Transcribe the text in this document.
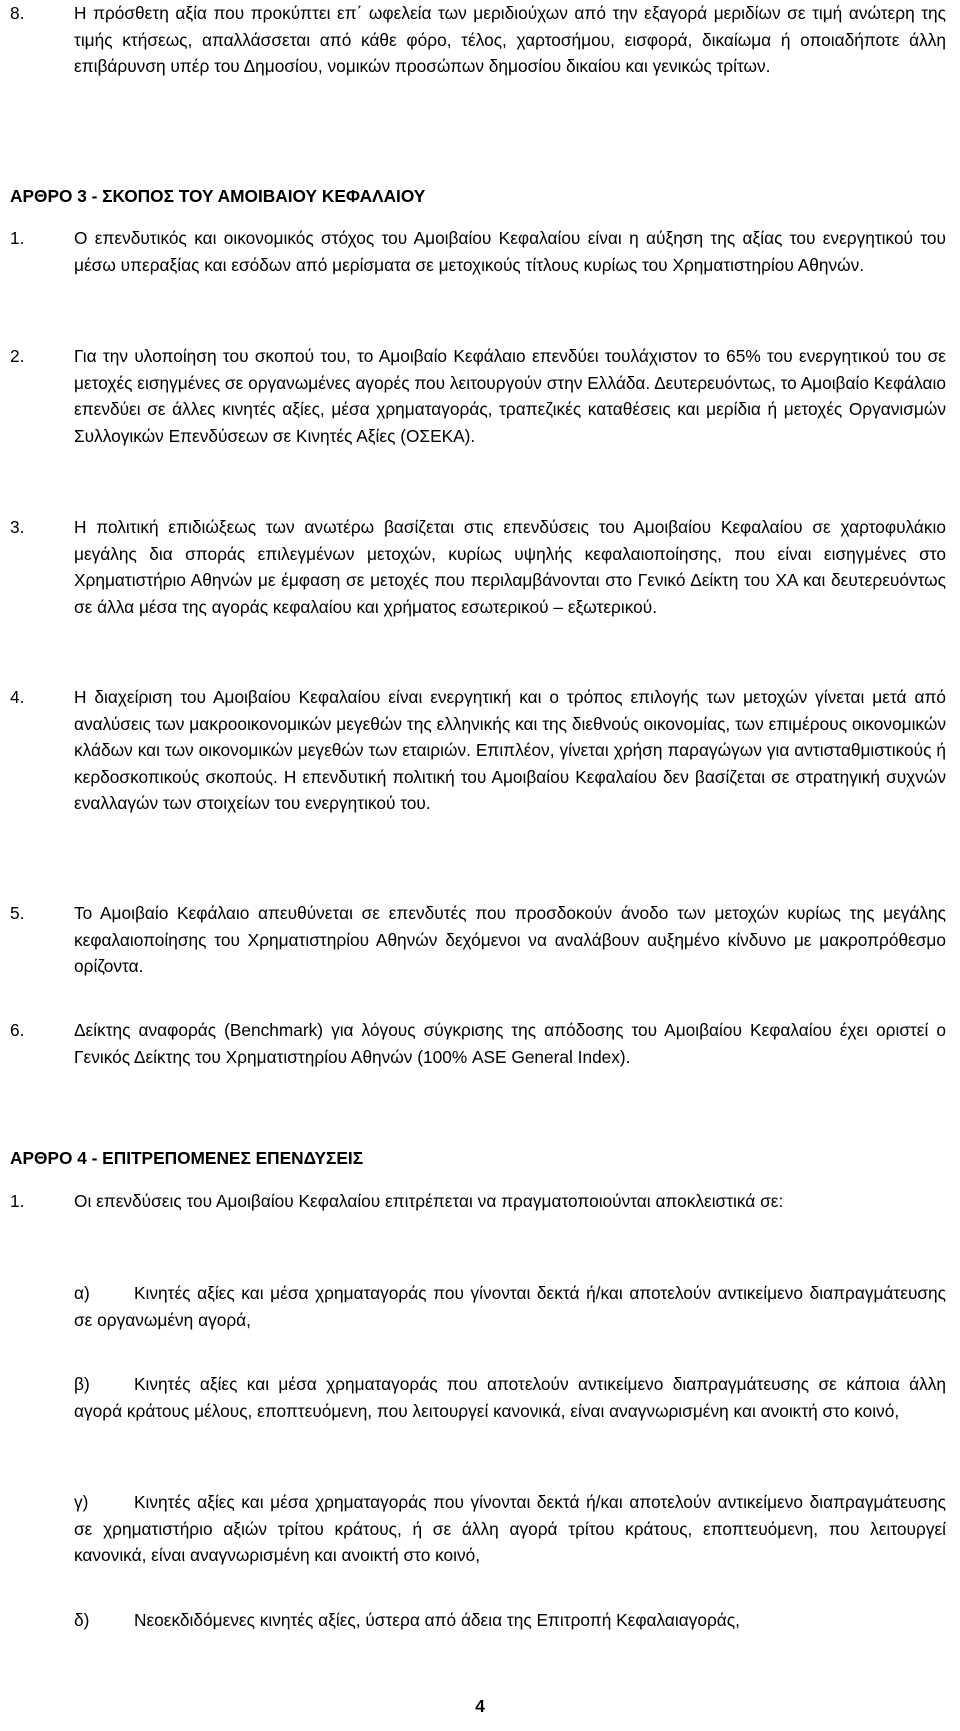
8.	Η πρόσθετη αξία που προκύπτει επ΄ ωφελεία των μεριδιούχων από την εξαγορά μεριδίων σε τιμή ανώτερη της τιμής κτήσεως, απαλλάσσεται από κάθε φόρο, τέλος, χαρτοσήμου, εισφορά, δικαίωμα ή οποιαδήποτε άλλη επιβάρυνση υπέρ του Δημοσίου, νομικών προσώπων δημοσίου δικαίου και γενικώς τρίτων.
ΑΡΘΡΟ 3 - ΣΚΟΠΟΣ ΤΟΥ ΑΜΟΙΒΑΙΟΥ ΚΕΦΑΛΑΙΟΥ
1.	Ο επενδυτικός και οικονομικός στόχος του Αμοιβαίου Κεφαλαίου είναι η αύξηση της αξίας του ενεργητικού του μέσω υπεραξίας και εσόδων από μερίσματα σε μετοχικούς τίτλους κυρίως του Χρηματιστηρίου Αθηνών.
2.	Για την υλοποίηση του σκοπού του, το Αμοιβαίο Κεφάλαιο επενδύει τουλάχιστον το 65% του ενεργητικού του σε μετοχές εισηγμένες σε οργανωμένες αγορές που λειτουργούν στην Ελλάδα. Δευτερευόντως, το Αμοιβαίο Κεφάλαιο επενδύει σε άλλες κινητές αξίες, μέσα χρηματαγοράς, τραπεζικές καταθέσεις και μερίδια ή μετοχές Οργανισμών Συλλογικών Επενδύσεων σε Κινητές Αξίες (ΟΣΕΚΑ).
3.	Η πολιτική επιδιώξεως των ανωτέρω βασίζεται στις επενδύσεις του Αμοιβαίου Κεφαλαίου σε χαρτοφυλάκιο μεγάλης δια σποράς επιλεγμένων μετοχών, κυρίως υψηλής κεφαλαιοποίησης, που είναι εισηγμένες στο Χρηματιστήριο Αθηνών με έμφαση σε μετοχές που περιλαμβάνονται στο Γενικό Δείκτη του ΧΑ και δευτερευόντως σε άλλα μέσα της αγοράς κεφαλαίου και χρήματος εσωτερικού – εξωτερικού.
4.	Η διαχείριση του Αμοιβαίου Κεφαλαίου είναι ενεργητική και ο τρόπος επιλογής των μετοχών γίνεται μετά από αναλύσεις των μακροοικονομικών μεγεθών της ελληνικής και της διεθνούς οικονομίας, των επιμέρους οικονομικών κλάδων και των οικονομικών μεγεθών των εταιριών. Επιπλέον, γίνεται χρήση παραγώγων για αντισταθμιστικούς ή κερδοσκοπικούς σκοπούς. Η επενδυτική πολιτική του Αμοιβαίου Κεφαλαίου δεν βασίζεται σε στρατηγική συχνών εναλλαγών των στοιχείων του ενεργητικού του.
5.	Το Αμοιβαίο Κεφάλαιο απευθύνεται σε επενδυτές που προσδοκούν άνοδο των μετοχών κυρίως της μεγάλης κεφαλαιοποίησης του Χρηματιστηρίου Αθηνών δεχόμενοι να αναλάβουν αυξημένο κίνδυνο με μακροπρόθεσμο ορίζοντα.
6.	Δείκτης αναφοράς (Benchmark) για λόγους σύγκρισης της απόδοσης του Αμοιβαίου Κεφαλαίου έχει οριστεί ο Γενικός Δείκτης του Χρηματιστηρίου Αθηνών (100% ASE General Index).
ΑΡΘΡΟ 4 - ΕΠΙΤΡΕΠΟΜΕΝΕΣ ΕΠΕΝΔΥΣΕΙΣ
1.	Οι επενδύσεις του Αμοιβαίου Κεφαλαίου επιτρέπεται να πραγματοποιούνται αποκλειστικά σε:
α)	Κινητές αξίες και μέσα χρηματαγοράς που γίνονται δεκτά ή/και αποτελούν αντικείμενο διαπραγμάτευσης σε οργανωμένη αγορά,
β)	Κινητές αξίες και μέσα χρηματαγοράς που αποτελούν αντικείμενο διαπραγμάτευσης σε κάποια άλλη αγορά κράτους μέλους, εποπτευόμενη, που λειτουργεί κανονικά, είναι αναγνωρισμένη και ανοικτή στο κοινό,
γ)	Κινητές αξίες και μέσα χρηματαγοράς που γίνονται δεκτά ή/και αποτελούν αντικείμενο διαπραγμάτευσης σε χρηματιστήριο αξιών τρίτου κράτους, ή σε άλλη αγορά τρίτου κράτους, εποπτευόμενη, που λειτουργεί κανονικά, είναι αναγνωρισμένη και ανοικτή στο κοινό,
δ)	Νεοεκδιδόμενες κινητές αξίες, ύστερα από άδεια της Επιτροπή Κεφαλαιαγοράς,
4
